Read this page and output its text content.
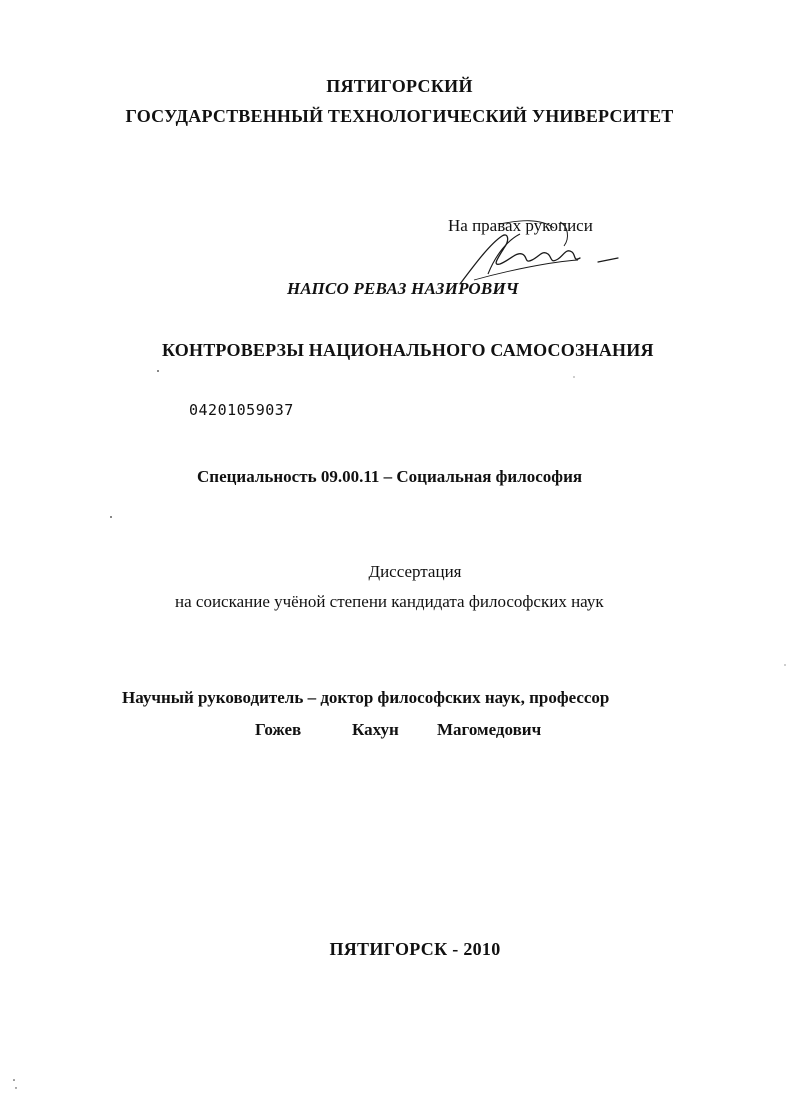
ПЯТИГОРСКИЙ
ГОСУДАРСТВЕННЫЙ ТЕХНОЛОГИЧЕСКИЙ УНИВЕРСИТЕТ
На правах рукописи
НАПСО РЕВАЗ НАЗИРОВИЧ
КОНТРОВЕРЗЫ НАЦИОНАЛЬНОГО САМОСОЗНАНИЯ
04201059037
Специальность 09.00.11 – Социальная философия
Диссертация
на соискание учёной степени кандидата философских наук
Научный руководитель – доктор философских наук, профессор
Гожев	Кахун Магомедович
ПЯТИГОРСК - 2010
